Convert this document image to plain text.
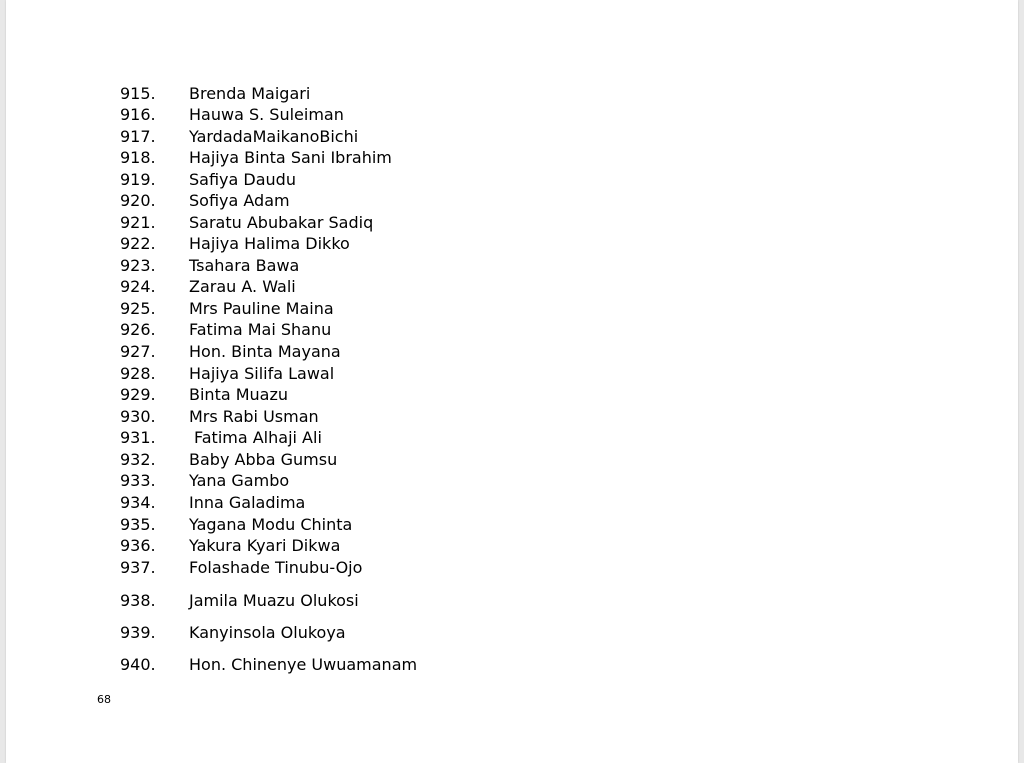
915. Brenda Maigari
916. Hauwa S. Suleiman
917. YardadaMaikanoBichi
918. Hajiya Binta Sani Ibrahim
919. Safiya Daudu
920. Sofiya Adam
921. Saratu Abubakar Sadiq
922. Hajiya Halima Dikko
923. Tsahara Bawa
924. Zarau A. Wali
925. Mrs Pauline Maina
926. Fatima Mai Shanu
927. Hon. Binta Mayana
928. Hajiya Silifa Lawal
929. Binta Muazu
930. Mrs Rabi Usman
931. Fatima Alhaji Ali
932. Baby Abba Gumsu
933. Yana Gambo
934. Inna Galadima
935. Yagana Modu Chinta
936. Yakura Kyari Dikwa
937. Folashade Tinubu-Ojo
938. Jamila Muazu Olukosi
939. Kanyinsola Olukoya
940. Hon. Chinenye Uwuamanam
68
